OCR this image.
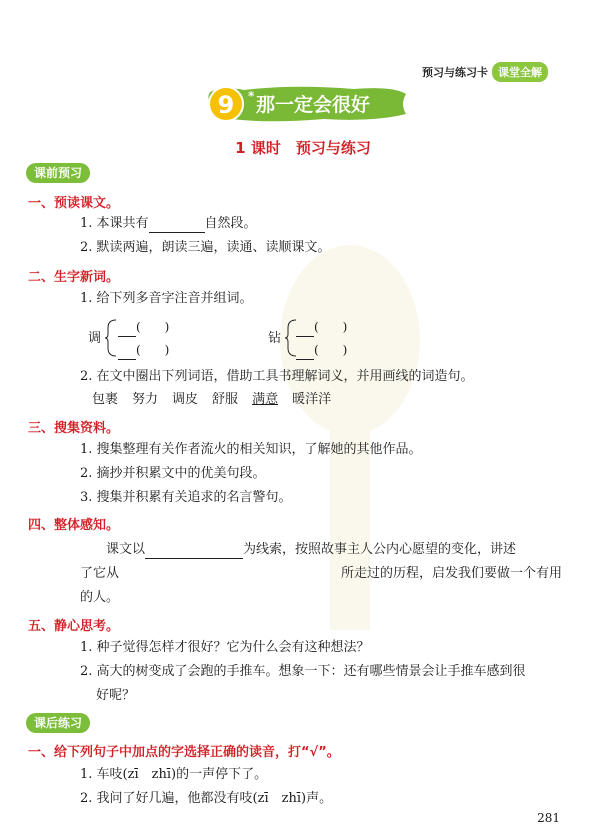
预习与练习卡 课堂全解
9 * 那一定会很好
1 课时　预习与练习
课前预习
一、预读课文。
1. 本课共有	自然段。
2. 默读两遍，朗读三遍，读通、读顺课文。
二、生字新词。
1. 给下列多音字注音并组词。
调
(　　)
(　　)
钻
(　　)
(　　)
2. 在文中圈出下列词语，借助工具书理解词义，并用画线的词造句。
包裹 努力 调皮 舒服 满意 暖洋洋
三、搜集资料。
1. 搜集整理有关作者流火的相关知识，了解她的其他作品。
2. 摘抄并积累文中的优美句段。
3. 搜集并积累有关追求的名言警句。
四、整体感知。
课文以	为线索，按照故事主人公内心愿望的变化，讲述
了它从	所走过的历程，启发我们要做一个有用
的人。
五、静心思考。
1. 种子觉得怎样才很好？它为什么会有这种想法？
2. 高大的树变成了会跑的手推车。想象一下：还有哪些情景会让手推车感到很
好呢？
课后练习
一、给下列句子中加点的字选择正确的读音，打“√”。
1. 车吱(zī　zhī)的一声停下了。
2. 我问了好几遍，他都没有吱(zī　zhī)声。
281
